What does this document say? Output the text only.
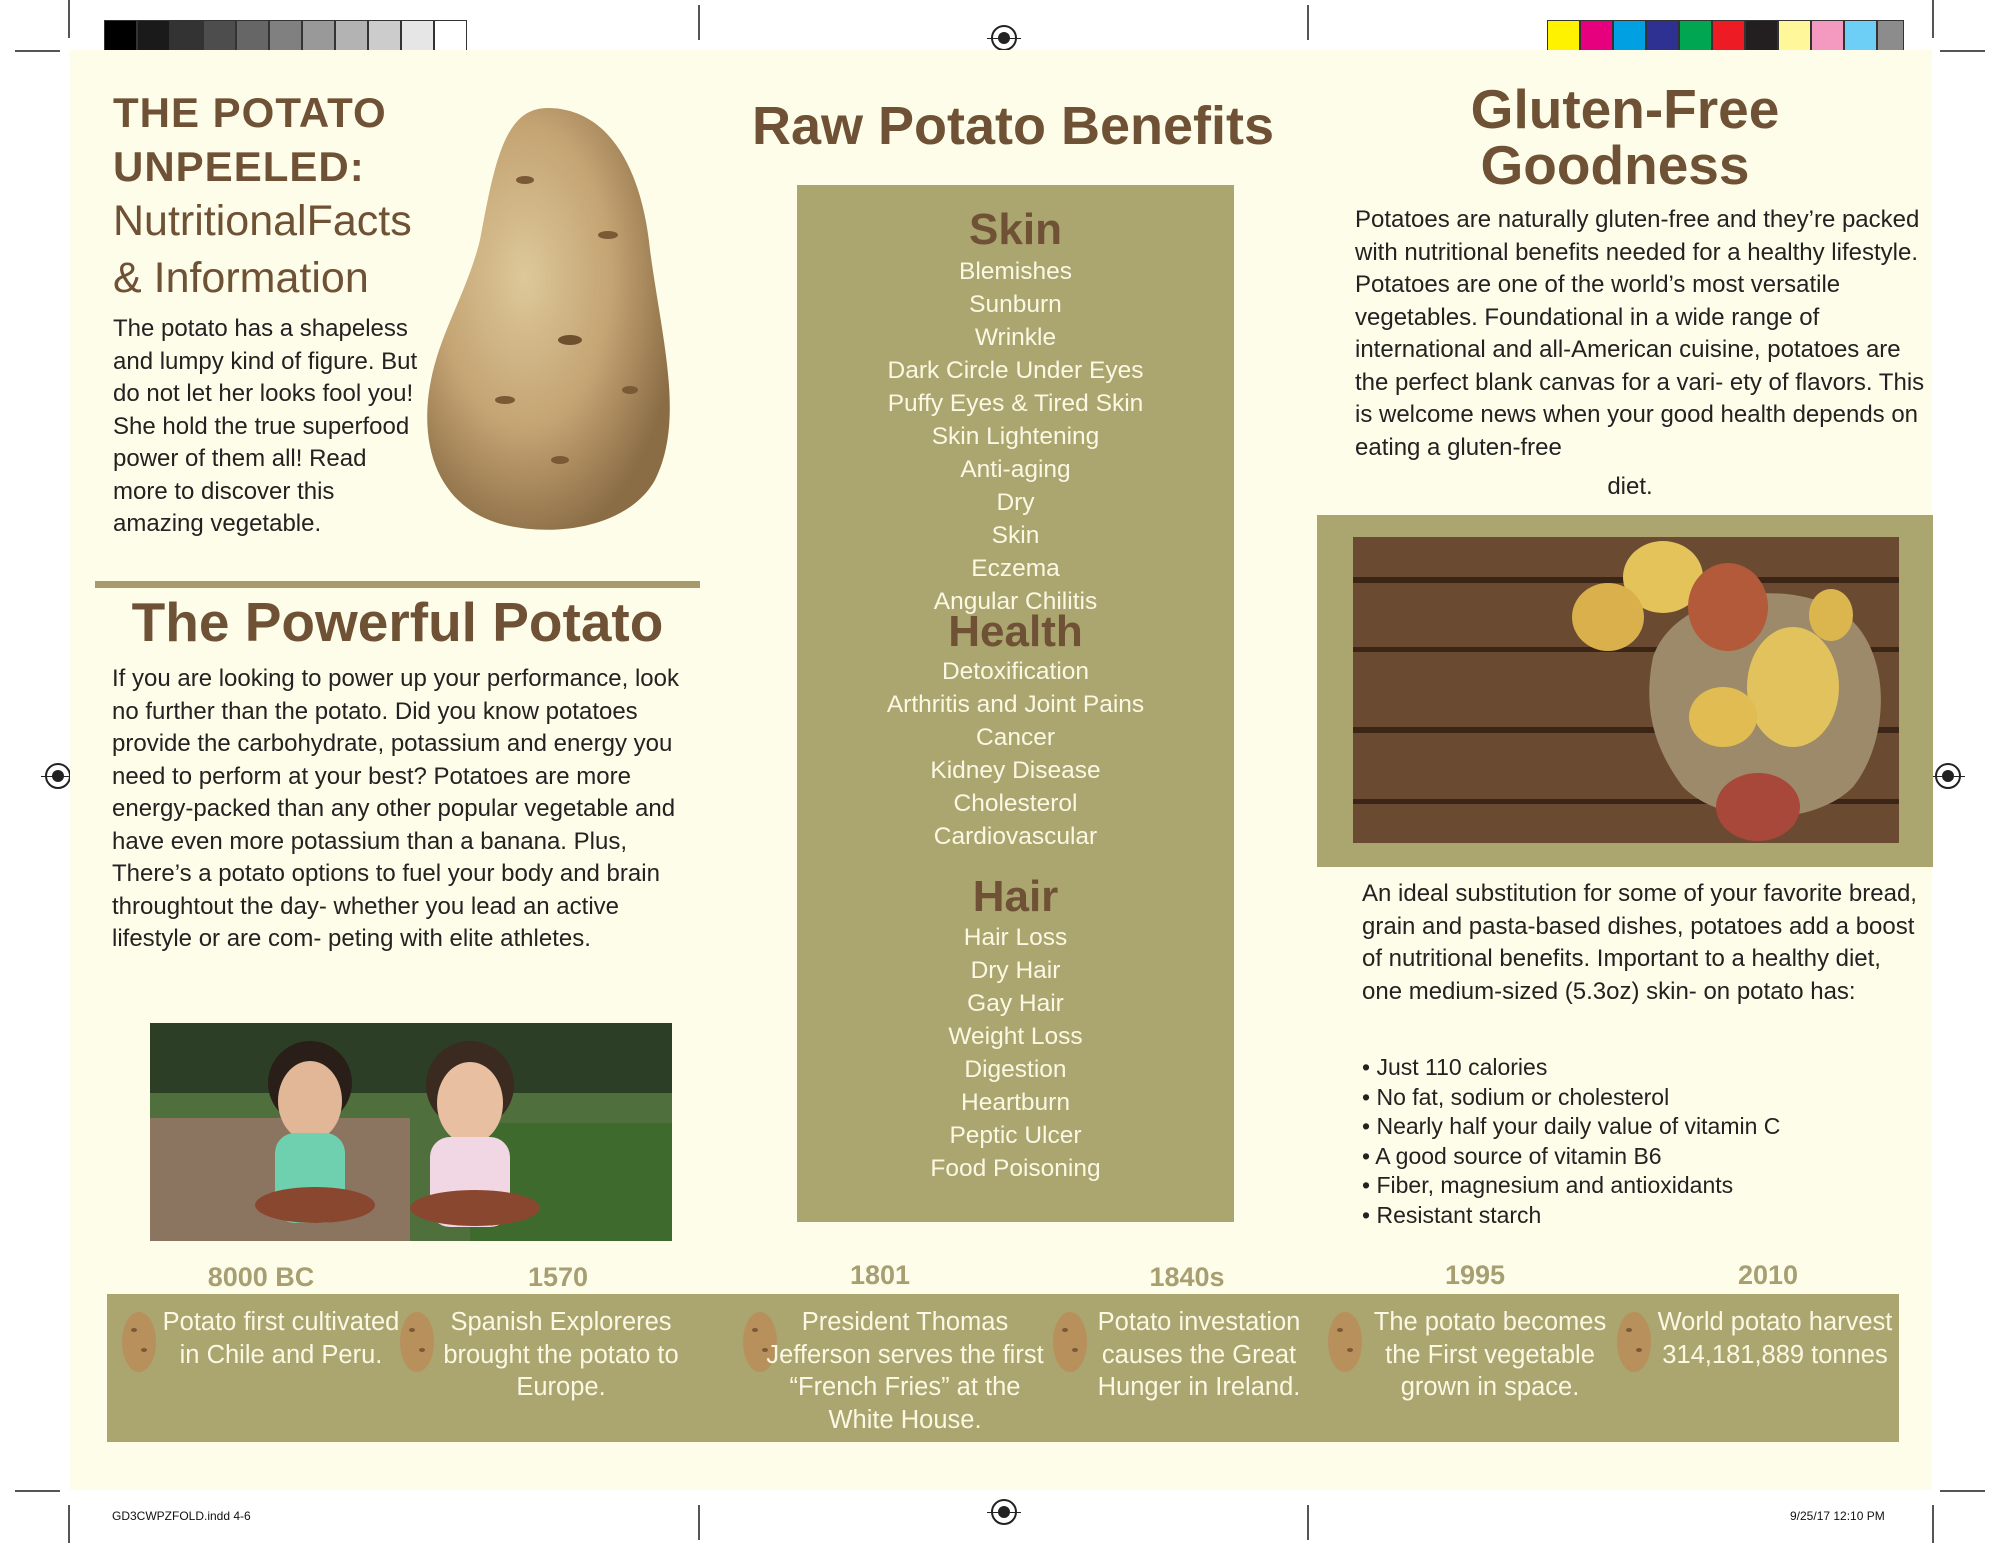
THE POTATO
UNPEELED:
NutritionalFacts
& Information
The potato has a shapeless and lumpy kind of figure. But do not let her looks fool you! She hold the true superfood power of them all! Read more to discover this amazing vegetable.
The Powerful Potato
If you are looking to power up your performance, look no further than the potato. Did you know potatoes provide the carbohydrate, potassium and energy you need to perform at your best? Potatoes are more energy-packed than any other popular vegetable and have even more potassium than a banana. Plus, There’s a potato options to fuel your body and brain throughtout the day- whether you lead an active lifestyle or are com- peting with elite athletes.
Raw Potato Benefits
Skin
Blemishes
Sunburn
Wrinkle
Dark Circle Under Eyes
Puffy Eyes & Tired Skin
Skin Lightening
Anti-aging
Dry
Skin
Eczema
Angular Chilitis
Health
Detoxification
Arthritis and Joint Pains
Cancer
Kidney Disease
Cholesterol
Cardiovascular
Hair
Hair Loss
Dry Hair
Gay Hair
Weight Loss
Digestion
Heartburn
Peptic Ulcer
Food Poisoning
Gluten-Free
Goodness
Potatoes are naturally gluten-free and they’re packed with nutritional benefits needed for a healthy lifestyle. Potatoes are one of the world’s most versatile vegetables. Foundational in a wide range of international and all-American cuisine, potatoes are the perfect blank canvas for a vari- ety of flavors. This is welcome news when your good health depends on eating a gluten-free
diet.
An ideal substitution for some of your favorite bread, grain and pasta-based dishes, potatoes add a boost of nutritional benefits. Important to a healthy diet, one medium-sized (5.3oz) skin- on potato has:
• Just 110 calories
• No fat, sodium or cholesterol
• Nearly half your daily value of vitamin C
• A good source of vitamin B6
• Fiber, magnesium and antioxidants
• Resistant starch
8000 BC	1570	1801	1840s	1995	2010
Potato first cultivated in Chile and Peru.
Spanish Exploreres brought the potato to Europe.
President Thomas Jefferson serves the first “French Fries” at the White House.
Potato investation causes the Great Hunger in Ireland.
The potato becomes the First vegetable grown in space.
World potato harvest 314,181,889 tonnes
GD3CWPZFOLD.indd 4-6	9/25/17 12:10 PM
